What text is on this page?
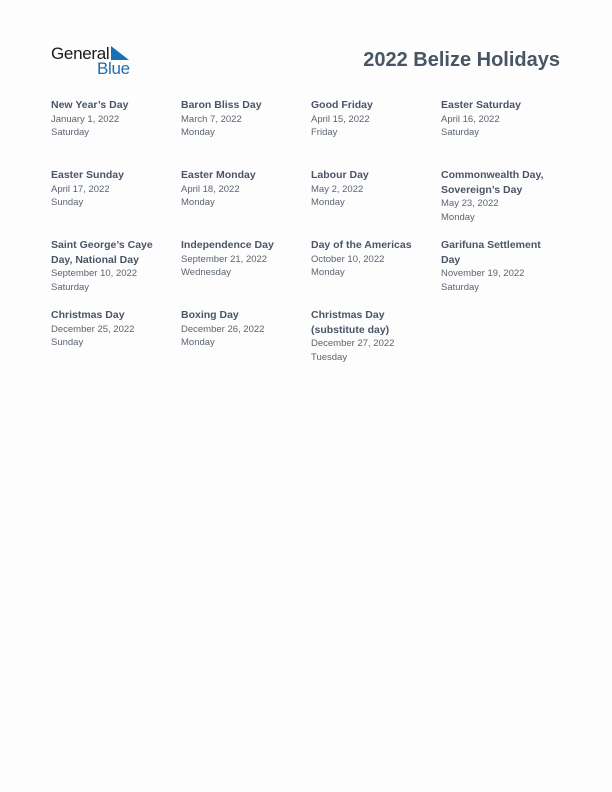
General
Blue	2022 Belize Holidays
New Year’s Day
January 1, 2022
Saturday
Baron Bliss Day
March 7, 2022
Monday
Good Friday
April 15, 2022
Friday
Easter Saturday
April 16, 2022
Saturday
Easter Sunday
April 17, 2022
Sunday
Easter Monday
April 18, 2022
Monday
Labour Day
May 2, 2022
Monday
Commonwealth Day, Sovereign’s Day
May 23, 2022
Monday
Saint George’s Caye Day, National Day
September 10, 2022
Saturday
Independence Day
September 21, 2022
Wednesday
Day of the Americas
October 10, 2022
Monday
Garifuna Settlement Day
November 19, 2022
Saturday
Christmas Day
December 25, 2022
Sunday
Boxing Day
December 26, 2022
Monday
Christmas Day (substitute day)
December 27, 2022
Tuesday
